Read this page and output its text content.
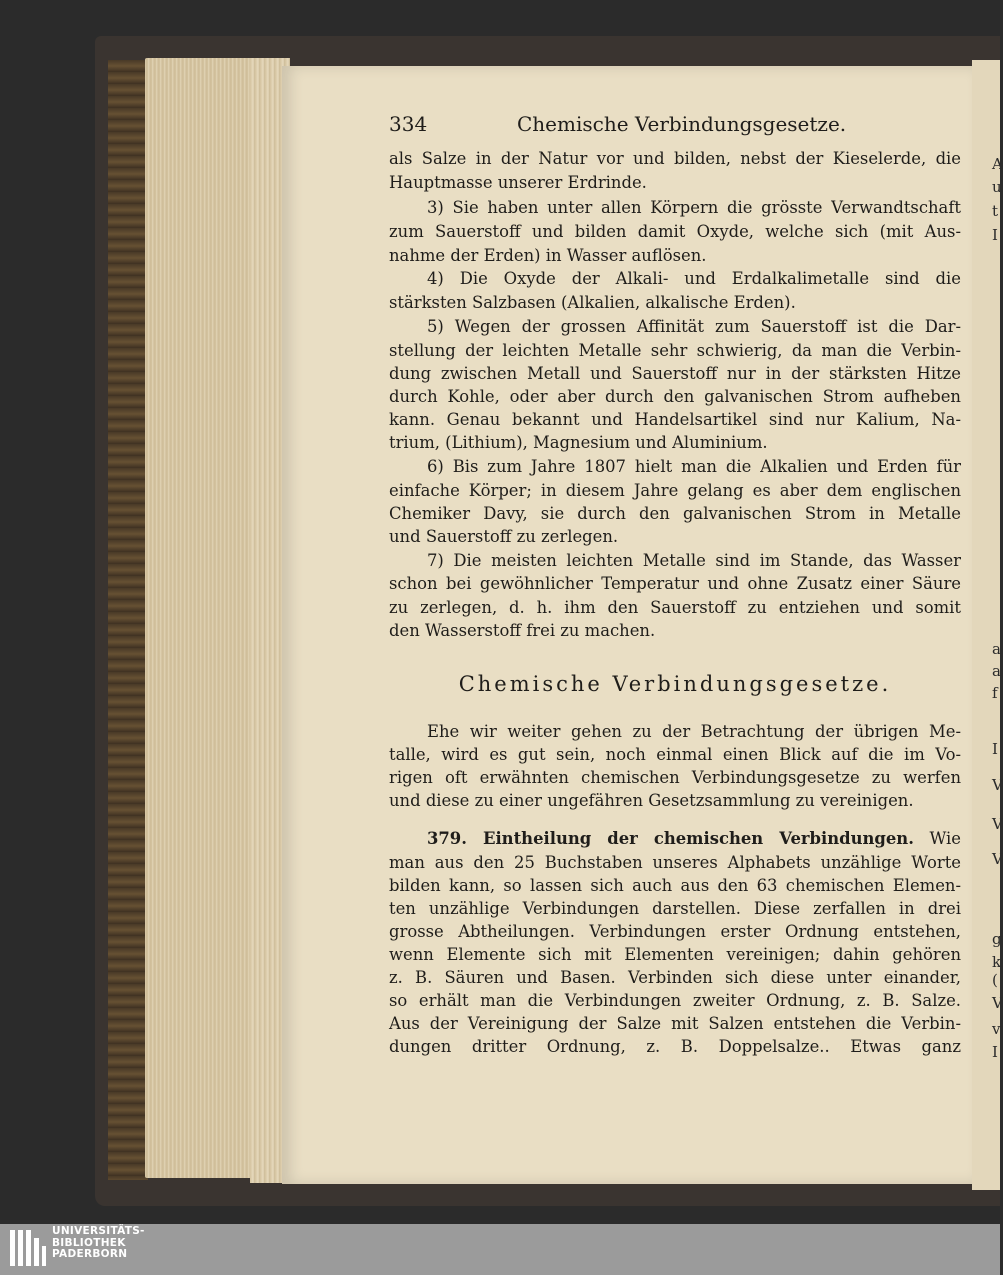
A
u
t
I
a
a
f
I
V
V
V
g
k
(
V
v
I
334	Chemische Verbindungsgesetze.
als Salze in der Natur vor und bilden, nebst der Kieselerde, die
Hauptmasse unserer Erdrinde.
3) Sie haben unter allen Körpern die grösste Verwandtschaft
zum Sauerstoff und bilden damit Oxyde, welche sich (mit Aus-
nahme der Erden) in Wasser auflösen.
4) Die Oxyde der Alkali- und Erdalkalimetalle sind die
stärksten Salzbasen (Alkalien, alkalische Erden).
5) Wegen der grossen Affinität zum Sauerstoff ist die Dar-
stellung der leichten Metalle sehr schwierig, da man die Verbin-
dung zwischen Metall und Sauerstoff nur in der stärksten Hitze
durch Kohle, oder aber durch den galvanischen Strom aufheben
kann. Genau bekannt und Handelsartikel sind nur Kalium, Na-
trium, (Lithium), Magnesium und Aluminium.
6) Bis zum Jahre 1807 hielt man die Alkalien und Erden für
einfache Körper; in diesem Jahre gelang es aber dem englischen
Chemiker Davy, sie durch den galvanischen Strom in Metalle
und Sauerstoff zu zerlegen.
7) Die meisten leichten Metalle sind im Stande, das Wasser
schon bei gewöhnlicher Temperatur und ohne Zusatz einer Säure
zu zerlegen, d. h. ihm den Sauerstoff zu entziehen und somit
den Wasserstoff frei zu machen.
Chemische Verbindungsgesetze.
Ehe wir weiter gehen zu der Betrachtung der übrigen Me-
talle, wird es gut sein, noch einmal einen Blick auf die im Vo-
rigen oft erwähnten chemischen Verbindungsgesetze zu werfen
und diese zu einer ungefähren Gesetzsammlung zu vereinigen.
379. Eintheilung der chemischen Verbindungen. Wie
man aus den 25 Buchstaben unseres Alphabets unzählige Worte
bilden kann, so lassen sich auch aus den 63 chemischen Elemen-
ten unzählige Verbindungen darstellen. Diese zerfallen in drei
grosse Abtheilungen. Verbindungen erster Ordnung entstehen,
wenn Elemente sich mit Elementen vereinigen; dahin gehören
z. B. Säuren und Basen. Verbinden sich diese unter einander,
so erhält man die Verbindungen zweiter Ordnung, z. B. Salze.
Aus der Vereinigung der Salze mit Salzen entstehen die Verbin-
dungen dritter Ordnung, z. B. Doppelsalze.. Etwas ganz
UNIVERSITÄTS-
BIBLIOTHEK
PADERBORN
